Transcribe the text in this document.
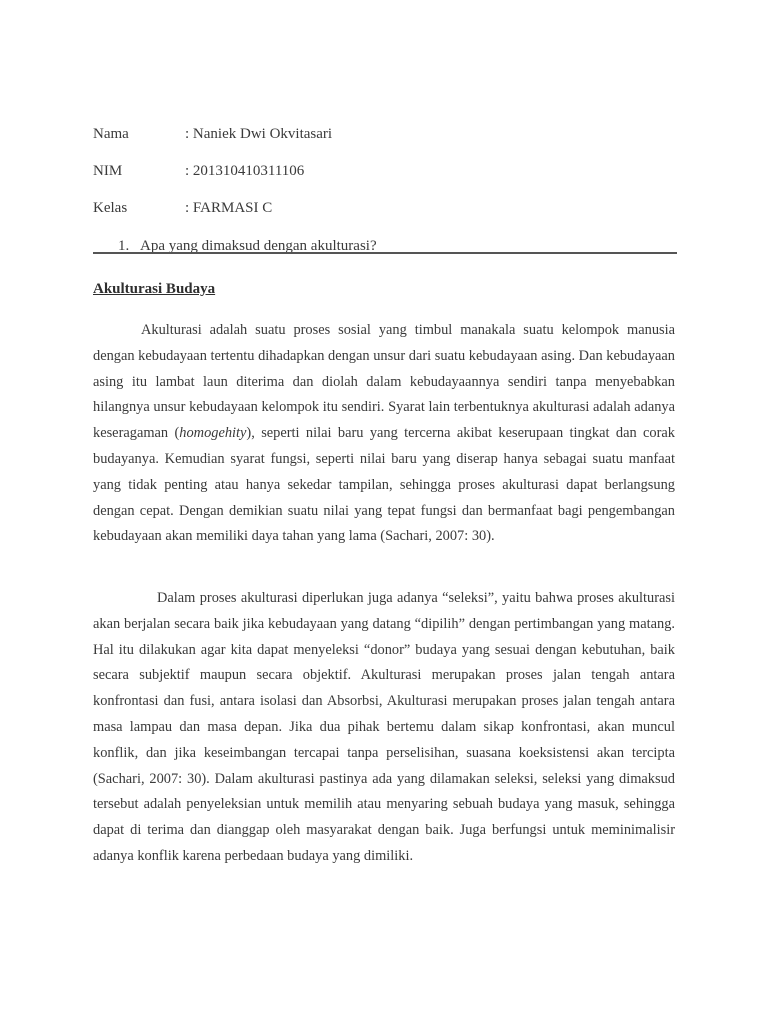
Nama	: Naniek Dwi Okvitasari
NIM	: 201310410311106
Kelas	: FARMASI C
1. Apa yang dimaksud dengan akulturasi?
Akulturasi Budaya

Akulturasi adalah suatu proses sosial yang timbul manakala suatu kelompok manusia dengan kebudayaan tertentu dihadapkan dengan unsur dari suatu kebudayaan asing. Dan kebudayaan asing itu lambat laun diterima dan diolah dalam kebudayaannya sendiri tanpa menyebabkan hilangnya unsur kebudayaan kelompok itu sendiri. Syarat lain terbentuknya akulturasi adalah adanya keseragaman (homogehity), seperti nilai baru yang tercerna akibat keserupaan tingkat dan corak budayanya. Kemudian syarat fungsi, seperti nilai baru yang diserap hanya sebagai suatu manfaat yang tidak penting atau hanya sekedar tampilan, sehingga proses akulturasi dapat berlangsung dengan cepat. Dengan demikian suatu nilai yang tepat fungsi dan bermanfaat bagi pengembangan kebudayaan akan memiliki daya tahan yang lama (Sachari, 2007: 30).

Dalam proses akulturasi diperlukan juga adanya “seleksi”, yaitu bahwa proses akulturasi akan berjalan secara baik jika kebudayaan yang datang “dipilih” dengan pertimbangan yang matang. Hal itu dilakukan agar kita dapat menyeleksi “donor” budaya yang sesuai dengan kebutuhan, baik secara subjektif maupun secara objektif. Akulturasi merupakan proses jalan tengah antara konfrontasi dan fusi, antara isolasi dan Absorbsi, Akulturasi merupakan proses jalan tengah antara masa lampau dan masa depan. Jika dua pihak bertemu dalam sikap konfrontasi, akan muncul konflik, dan jika keseimbangan tercapai tanpa perselisihan, suasana koeksistensi akan tercipta (Sachari, 2007: 30). Dalam akulturasi pastinya ada yang dilamakan seleksi, seleksi yang dimaksud tersebut adalah penyeleksian untuk memilih atau menyaring sebuah budaya yang masuk, sehingga dapat di terima dan dianggap oleh masyarakat dengan baik. Juga berfungsi untuk meminimalisir adanya konflik karena perbedaan budaya yang dimiliki.
